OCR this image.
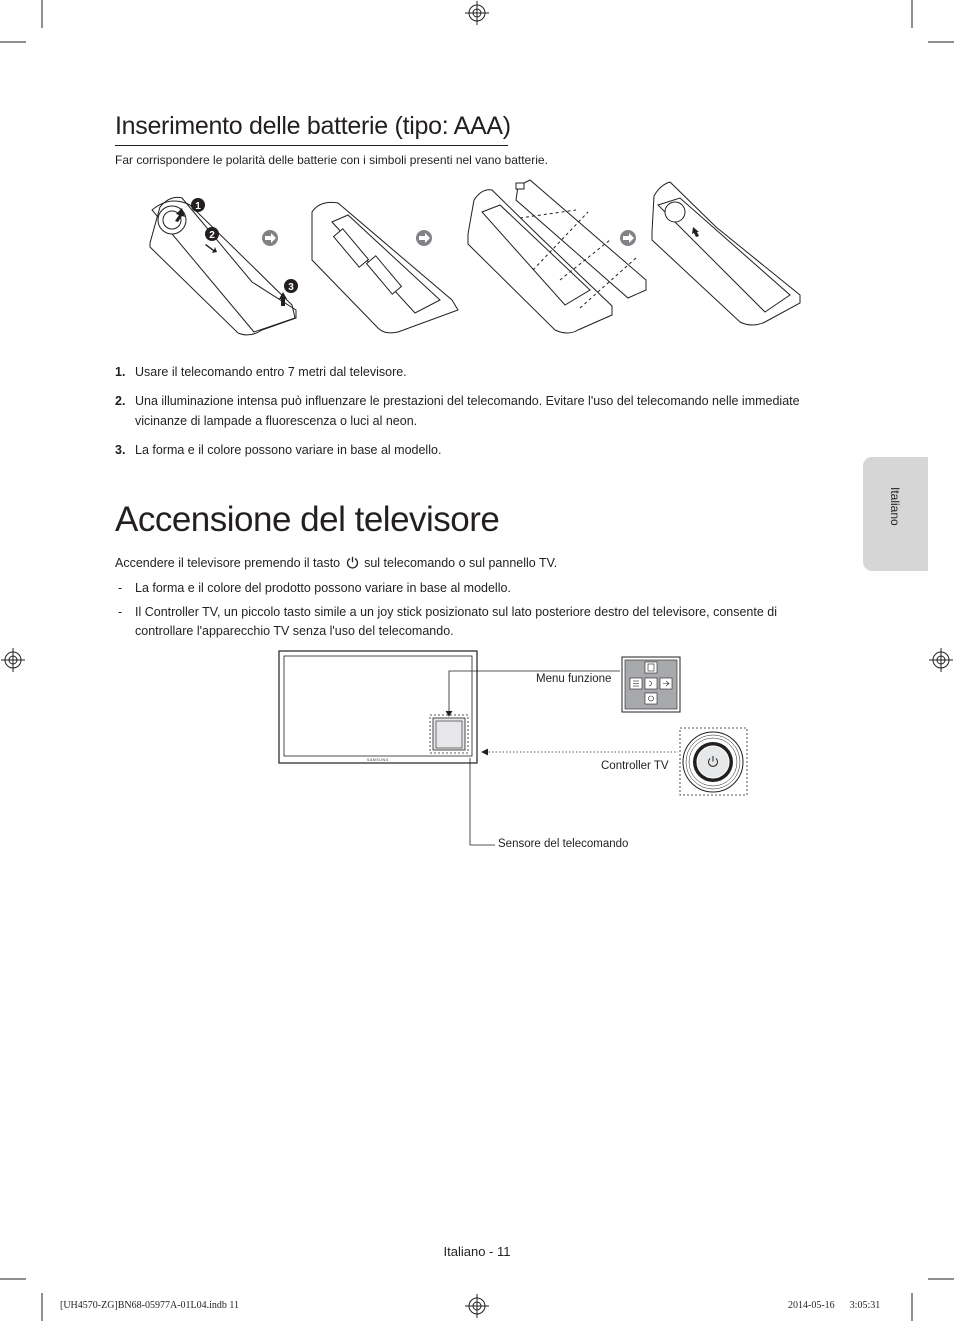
Inserimento delle batterie (tipo: AAA)
Far corrispondere le polarità delle batterie con i simboli presenti nel vano batterie.
1
2
3
1. Usare il telecomando entro 7 metri dal televisore.
2. Una illuminazione intensa può influenzare le prestazioni del telecomando. Evitare l'uso del telecomando nelle immediate vicinanze di lampade a fluorescenza o luci al neon.
3. La forma e il colore possono variare in base al modello.
Accensione del televisore
Accendere il televisore premendo il tasto sul telecomando o sul pannello TV.
- La forma e il colore del prodotto possono variare in base al modello.
- Il Controller TV, un piccolo tasto simile a un joy stick posizionato sul lato posteriore destro del televisore, consente di controllare l'apparecchio TV senza l'uso del telecomando.
SAMSUNG
Menu funzione
Controller TV
Sensore del telecomando
Italiano
Italiano - 11
[UH4570-ZG]BN68-05977A-01L04.indb 11	2014-05-16   3:05:31
